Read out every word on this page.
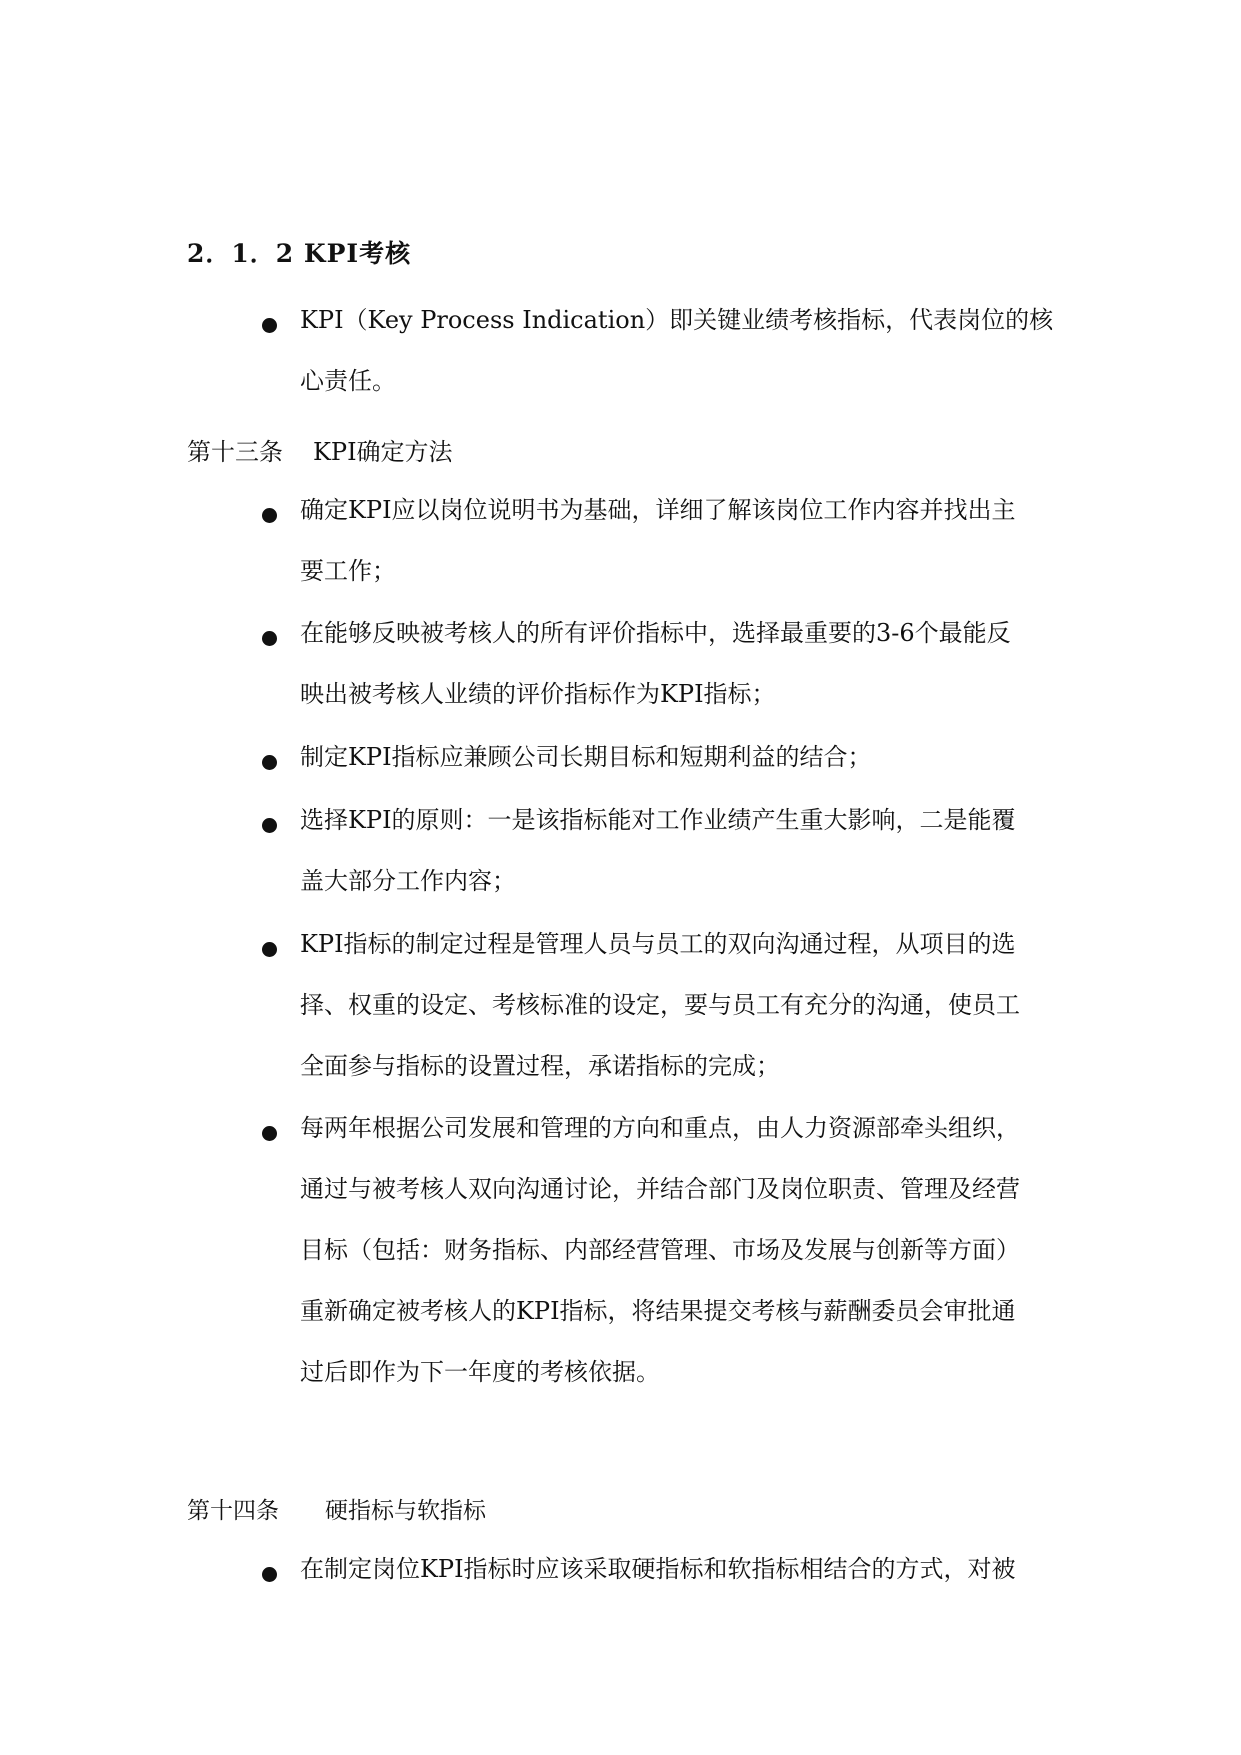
2．1．2 KPI考核
KPI（Key Process Indication）即关键业绩考核指标，代表岗位的核
心责任。
第十三条 KPI确定方法
确定KPI应以岗位说明书为基础，详细了解该岗位工作内容并找出主
要工作；
在能够反映被考核人的所有评价指标中，选择最重要的3-6个最能反
映出被考核人业绩的评价指标作为KPI指标；
制定KPI指标应兼顾公司长期目标和短期利益的结合；
选择KPI的原则：一是该指标能对工作业绩产生重大影响，二是能覆
盖大部分工作内容；
KPI指标的制定过程是管理人员与员工的双向沟通过程，从项目的选
择、权重的设定、考核标准的设定，要与员工有充分的沟通，使员工
全面参与指标的设置过程，承诺指标的完成；
每两年根据公司发展和管理的方向和重点，由人力资源部牵头组织，
通过与被考核人双向沟通讨论，并结合部门及岗位职责、管理及经营
目标（包括：财务指标、内部经营管理、市场及发展与创新等方面）
重新确定被考核人的KPI指标，将结果提交考核与薪酬委员会审批通
过后即作为下一年度的考核依据。
第十四条 硬指标与软指标
在制定岗位KPI指标时应该采取硬指标和软指标相结合的方式，对被
